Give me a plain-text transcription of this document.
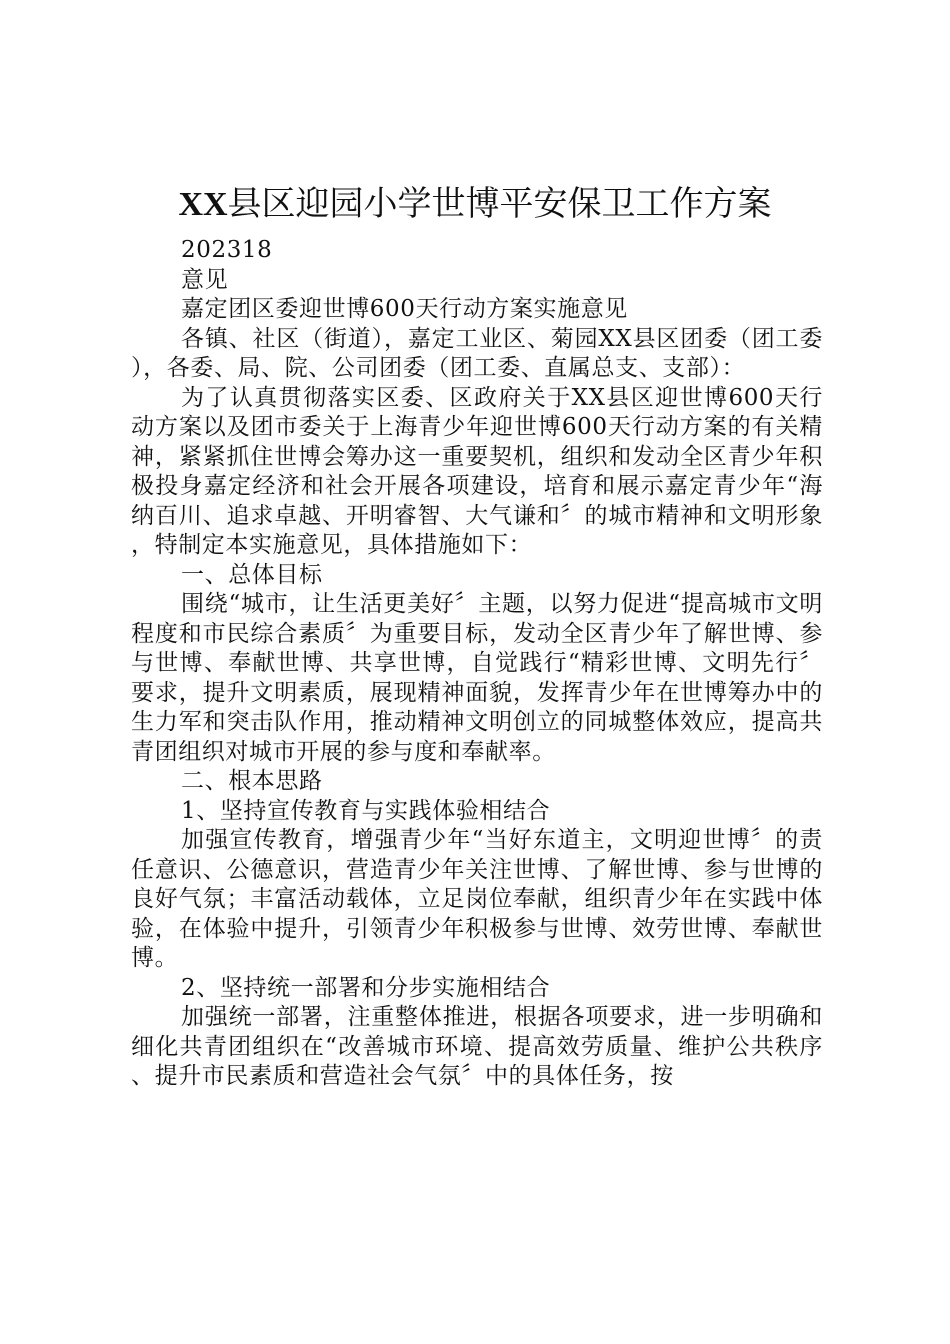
XX县区迎园小学世博平安保卫工作方案

202318

意见

嘉定团区委迎世博600天行动方案实施意见

各镇、社区（街道），嘉定工业区、菊园XX县区团委（团工委），各委、局、院、公司团委（团工委、直属总支、支部）：

为了认真贯彻落实区委、区政府关于XX县区迎世博600天行动方案以及团市委关于上海青少年迎世博600天行动方案的有关精神，紧紧抓住世博会筹办这一重要契机，组织和发动全区青少年积极投身嘉定经济和社会开展各项建设，培育和展示嘉定青少年“海纳百川、追求卓越、开明睿智、大气谦和〞的城市精神和文明形象，特制定本实施意见，具体措施如下：

一、总体目标

围绕“城市，让生活更美好〞主题，以努力促进“提高城市文明程度和市民综合素质〞为重要目标，发动全区青少年了解世博、参与世博、奉献世博、共享世博，自觉践行“精彩世博、文明先行〞要求，提升文明素质，展现精神面貌，发挥青少年在世博筹办中的生力军和突击队作用，推动精神文明创立的同城整体效应，提高共青团组织对城市开展的参与度和奉献率。

二、根本思路

1、坚持宣传教育与实践体验相结合

加强宣传教育，增强青少年“当好东道主，文明迎世博〞的责任意识、公德意识，营造青少年关注世博、了解世博、参与世博的良好气氛；丰富活动载体，立足岗位奉献，组织青少年在实践中体验，在体验中提升，引领青少年积极参与世博、效劳世博、奉献世博。

2、坚持统一部署和分步实施相结合

加强统一部署，注重整体推进，根据各项要求，进一步明确和细化共青团组织在“改善城市环境、提高效劳质量、维护公共秩序、提升市民素质和营造社会气氛〞中的具体任务，按
